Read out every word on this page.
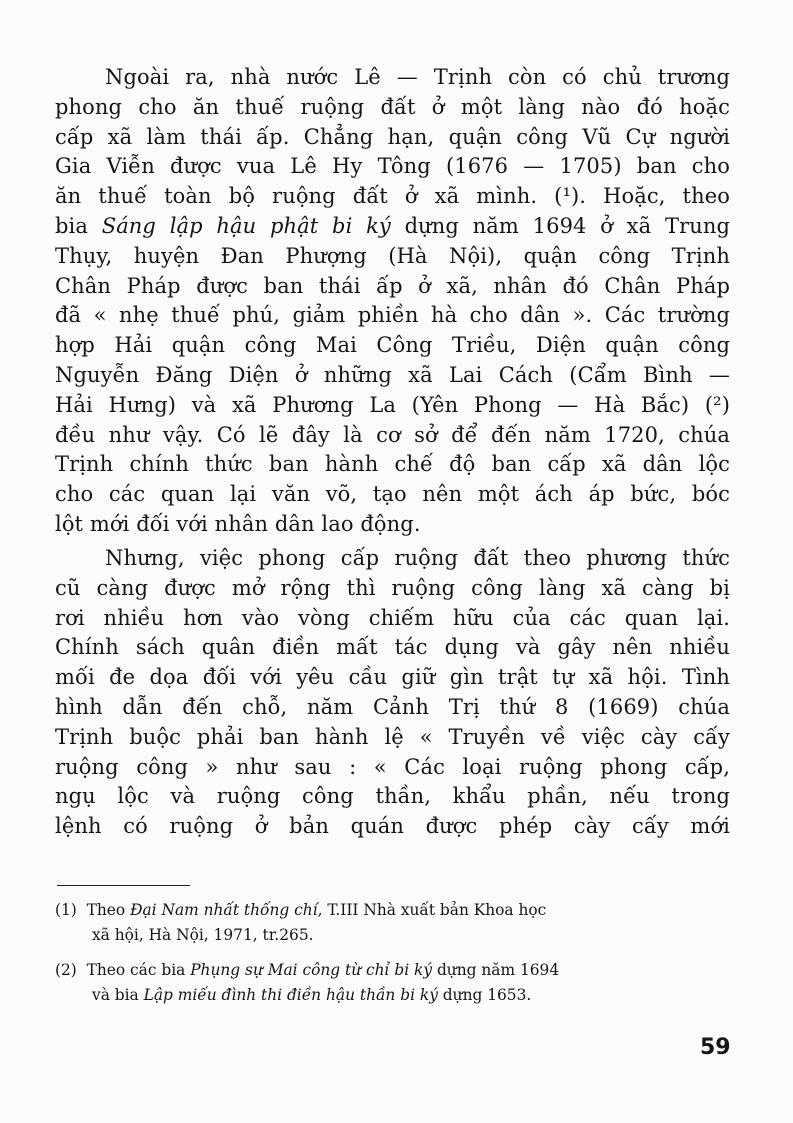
Ngoài ra, nhà nước Lê — Trịnh còn có chủ trương
phong cho ăn thuế ruộng đất ở một làng nào đó hoặc
cấp xã làm thái ấp. Chẳng hạn, quận công Vũ Cự người
Gia Viễn được vua Lê Hy Tông (1676 — 1705) ban cho
ăn thuế toàn bộ ruộng đất ở xã mình. (¹). Hoặc, theo
bia Sáng lập hậu phật bi ký dựng năm 1694 ở xã Trung
Thụy, huyện Đan Phượng (Hà Nội), quận công Trịnh
Chân Pháp được ban thái ấp ở xã, nhân đó Chân Pháp
đã « nhẹ thuế phú, giảm phiền hà cho dân ». Các trường
hợp Hải quận công Mai Công Triều, Diện quận công
Nguyễn Đăng Diện ở những xã Lai Cách (Cẩm Bình —
Hải Hưng) và xã Phương La (Yên Phong — Hà Bắc) (²)
đều như vậy. Có lẽ đây là cơ sở để đến năm 1720, chúa
Trịnh chính thức ban hành chế độ ban cấp xã dân lộc
cho các quan lại văn võ, tạo nên một ách áp bức, bóc
lột mới đối với nhân dân lao động.
Nhưng, việc phong cấp ruộng đất theo phương thức
cũ càng được mở rộng thì ruộng công làng xã càng bị
rơi nhiều hơn vào vòng chiếm hữu của các quan lại.
Chính sách quân điền mất tác dụng và gây nên nhiều
mối đe dọa đối với yêu cầu giữ gìn trật tự xã hội. Tình
hình dẫn đến chỗ, năm Cảnh Trị thứ 8 (1669) chúa
Trịnh buộc phải ban hành lệ « Truyền về việc cày cấy
ruộng công » như sau : « Các loại ruộng phong cấp,
ngụ lộc và ruộng công thần, khẩu phần, nếu trong
lệnh có ruộng ở bản quán được phép cày cấy mới
(1) Theo Đại Nam nhất thống chí, T.III Nhà xuất bản Khoa học
xã hội, Hà Nội, 1971, tr.265.
(2) Theo các bia Phụng sự Mai công từ chỉ bi ký dựng năm 1694
và bia Lập miếu đình thi điền hậu thần bi ký dựng 1653.
59
